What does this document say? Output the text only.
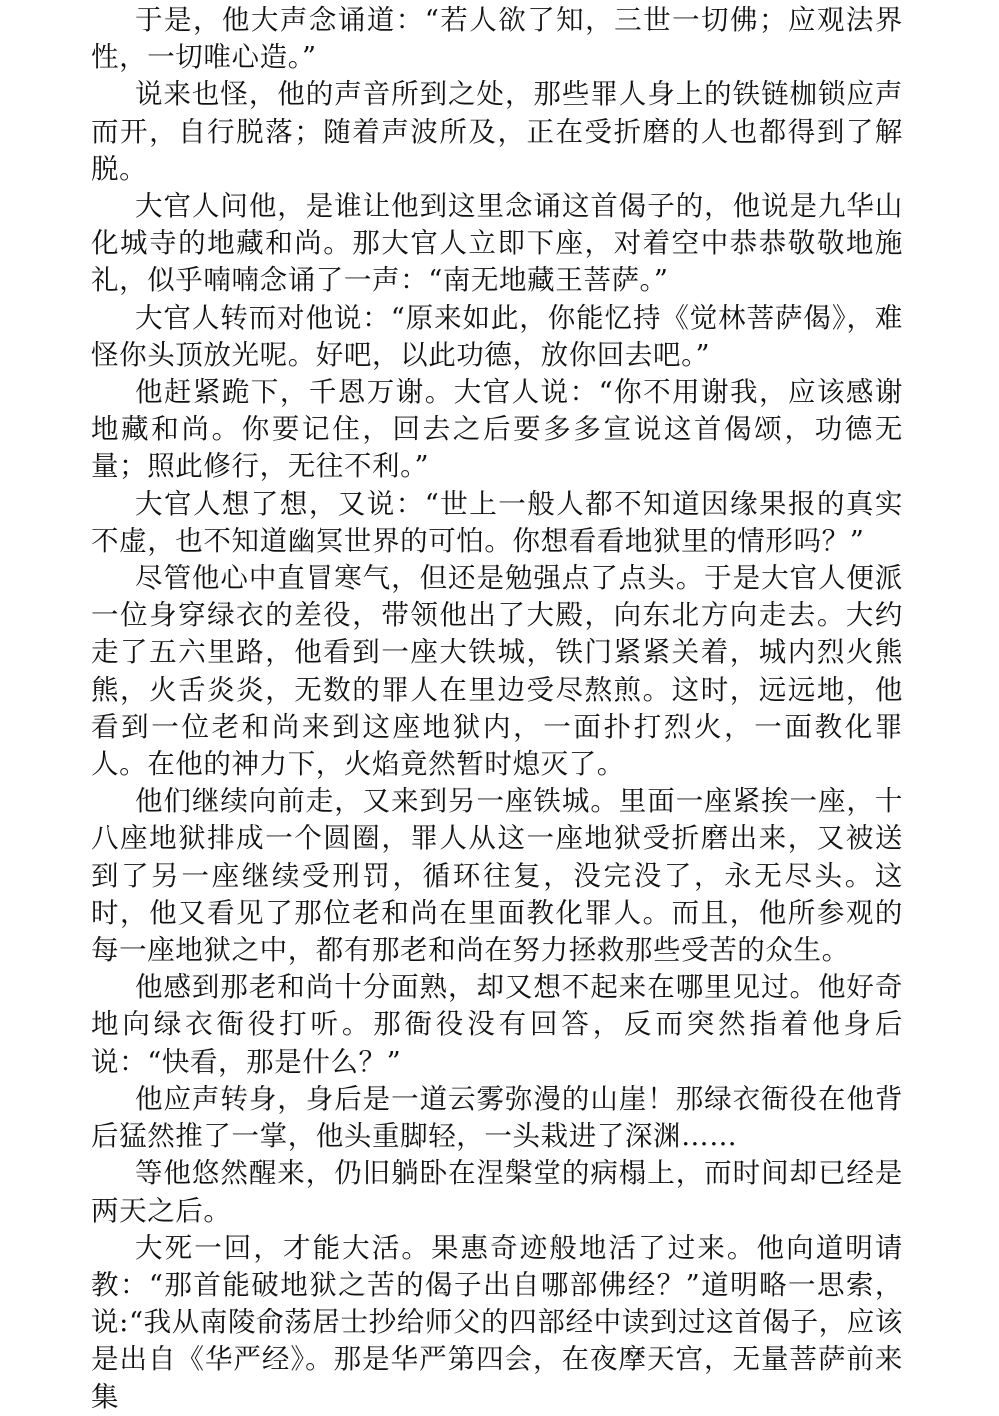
于是，他大声念诵道：“若人欲了知，三世一切佛；应观法界性，一切唯心造。”

说来也怪，他的声音所到之处，那些罪人身上的铁链枷锁应声而开，自行脱落；随着声波所及，正在受折磨的人也都得到了解脱。

大官人问他，是谁让他到这里念诵这首偈子的，他说是九华山化城寺的地藏和尚。那大官人立即下座，对着空中恭恭敬敬地施礼，似乎喃喃念诵了一声：“南无地藏王菩萨。”

大官人转而对他说：“原来如此，你能忆持《觉林菩萨偈》，难怪你头顶放光呢。好吧，以此功德，放你回去吧。”

他赶紧跪下，千恩万谢。大官人说：“你不用谢我，应该感谢地藏和尚。你要记住，回去之后要多多宣说这首偈颂，功德无量；照此修行，无往不利。”

大官人想了想，又说：“世上一般人都不知道因缘果报的真实不虚，也不知道幽冥世界的可怕。你想看看地狱里的情形吗？”

尽管他心中直冒寒气，但还是勉强点了点头。于是大官人便派一位身穿绿衣的差役，带领他出了大殿，向东北方向走去。大约走了五六里路，他看到一座大铁城，铁门紧紧关着，城内烈火熊熊，火舌炎炎，无数的罪人在里边受尽熬煎。这时，远远地，他看到一位老和尚来到这座地狱内，一面扑打烈火，一面教化罪人。在他的神力下，火焰竟然暂时熄灭了。

他们继续向前走，又来到另一座铁城。里面一座紧挨一座，十八座地狱排成一个圆圈，罪人从这一座地狱受折磨出来，又被送到了另一座继续受刑罚，循环往复，没完没了，永无尽头。这时，他又看见了那位老和尚在里面教化罪人。而且，他所参观的每一座地狱之中，都有那老和尚在努力拯救那些受苦的众生。

他感到那老和尚十分面熟，却又想不起来在哪里见过。他好奇地向绿衣衙役打听。那衙役没有回答，反而突然指着他身后说：“快看，那是什么？”

他应声转身，身后是一道云雾弥漫的山崖！那绿衣衙役在他背后猛然推了一掌，他头重脚轻，一头栽进了深渊……

等他悠然醒来，仍旧躺卧在涅槃堂的病榻上，而时间却已经是两天之后。

大死一回，才能大活。果惠奇迹般地活了过来。他向道明请教：“那首能破地狱之苦的偈子出自哪部佛经？”道明略一思索，说:“我从南陵俞荡居士抄给师父的四部经中读到过这首偈子，应该是出自《华严经》。那是华严第四会，在夜摩天宫，无量菩萨前来集
